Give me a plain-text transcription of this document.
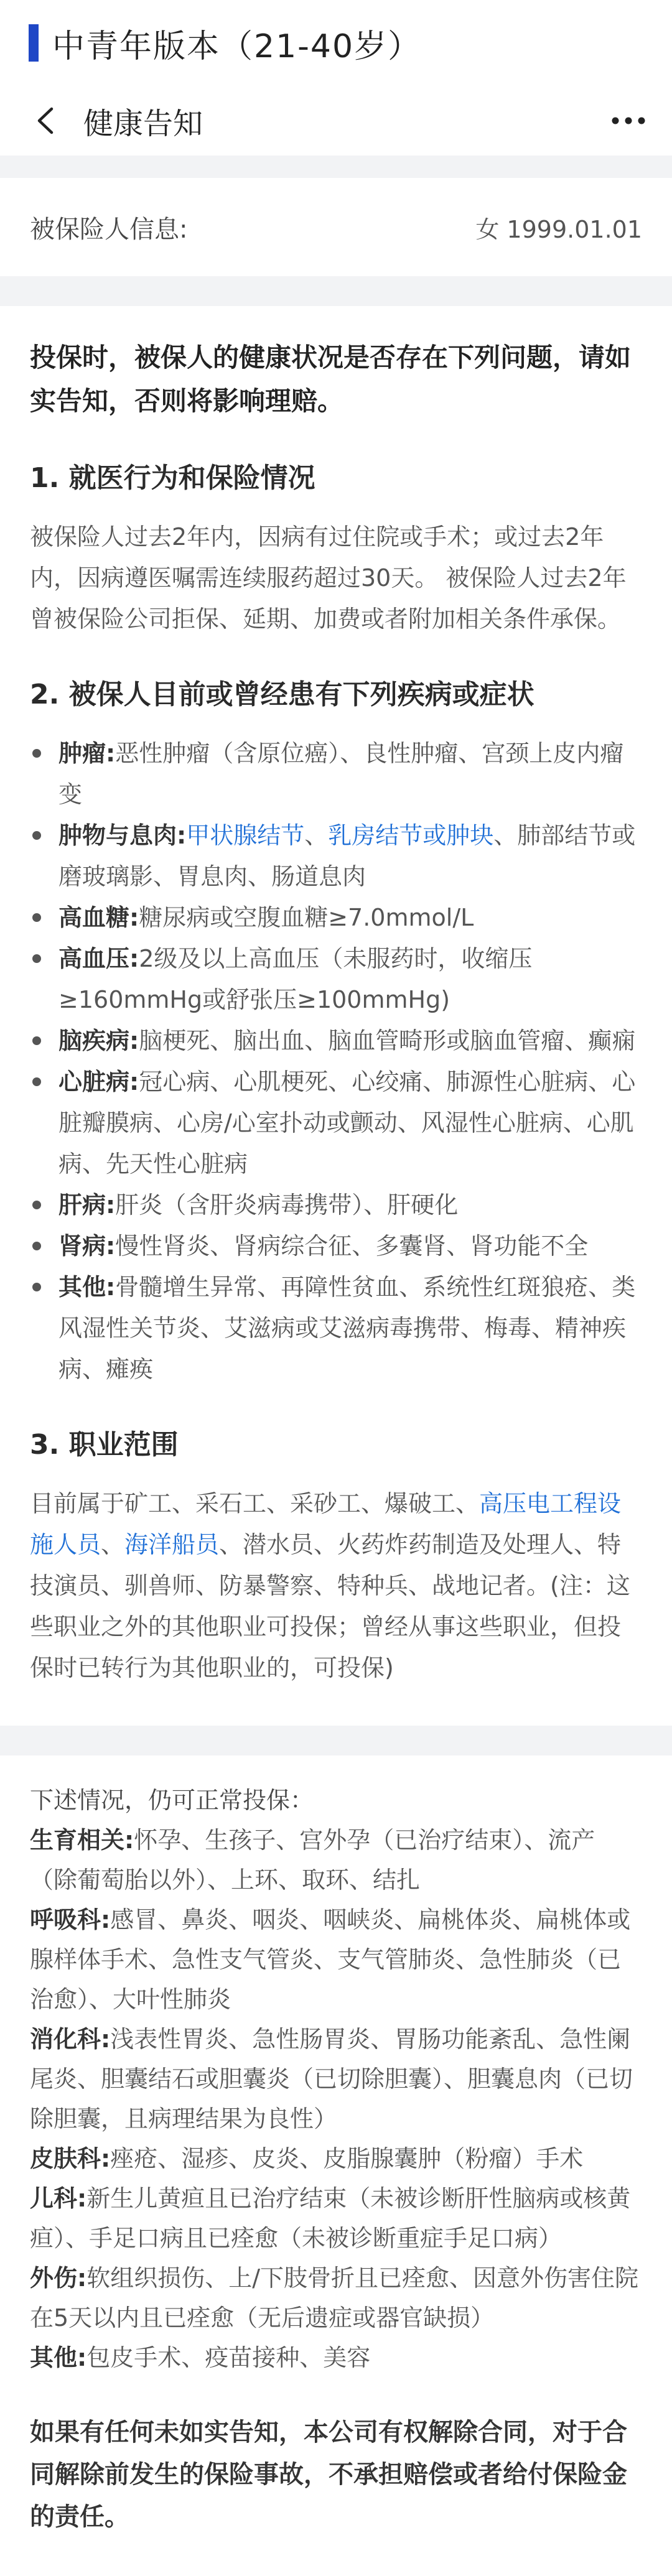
中青年版本（21-40岁）
健康告知
被保险人信息:	女 1999.01.01
投保时，被保人的健康状况是否存在下列问题，请如实告知，否则将影响理赔。
1. 就医行为和保险情况
被保险人过去2年内，因病有过住院或手术；或过去2年内，因病遵医嘱需连续服药超过30天。 被保险人过去2年曾被保险公司拒保、延期、加费或者附加相关条件承保。
2. 被保人目前或曾经患有下列疾病或症状
肿瘤:恶性肿瘤（含原位癌）、良性肿瘤、宫颈上皮内瘤变
肿物与息肉:甲状腺结节、乳房结节或肿块、肺部结节或磨玻璃影、胃息肉、肠道息肉
高血糖:糖尿病或空腹血糖≥7.0mmol/L
高血压:2级及以上高血压（未服药时，收缩压≥160mmHg或舒张压≥100mmHg)
脑疾病:脑梗死、脑出血、脑血管畸形或脑血管瘤、癫痫
心脏病:冠心病、心肌梗死、心绞痛、肺源性心脏病、心脏瓣膜病、心房/心室扑动或颤动、风湿性心脏病、心肌病、先天性心脏病
肝病:肝炎（含肝炎病毒携带）、肝硬化
肾病:慢性肾炎、肾病综合征、多囊肾、肾功能不全
其他:骨髓增生异常、再障性贫血、系统性红斑狼疮、类风湿性关节炎、艾滋病或艾滋病毒携带、梅毒、精神疾病、瘫痪
3. 职业范围
目前属于矿工、采石工、采砂工、爆破工、高压电工程设施人员、海洋船员、潜水员、火药炸药制造及处理人、特技演员、驯兽师、防暴警察、特种兵、战地记者。(注：这些职业之外的其他职业可投保；曾经从事这些职业，但投保时已转行为其他职业的，可投保)
下述情况，仍可正常投保：
生育相关:怀孕、生孩子、宫外孕（已治疗结束）、流产（除葡萄胎以外）、上环、取环、结扎
呼吸科:感冒、鼻炎、咽炎、咽峡炎、扁桃体炎、扁桃体或腺样体手术、急性支气管炎、支气管肺炎、急性肺炎（已治愈）、大叶性肺炎
消化科:浅表性胃炎、急性肠胃炎、胃肠功能紊乱、急性阑尾炎、胆囊结石或胆囊炎（已切除胆囊）、胆囊息肉（已切除胆囊，且病理结果为良性）
皮肤科:痤疮、湿疹、皮炎、皮脂腺囊肿（粉瘤）手术
儿科:新生儿黄疸且已治疗结束（未被诊断肝性脑病或核黄疸）、手足口病且已痊愈（未被诊断重症手足口病）
外伤:软组织损伤、上/下肢骨折且已痊愈、因意外伤害住院在5天以内且已痊愈（无后遗症或器官缺损）
其他:包皮手术、疫苗接种、美容
如果有任何未如实告知，本公司有权解除合同，对于合同解除前发生的保险事故，不承担赔偿或者给付保险金的责任。
